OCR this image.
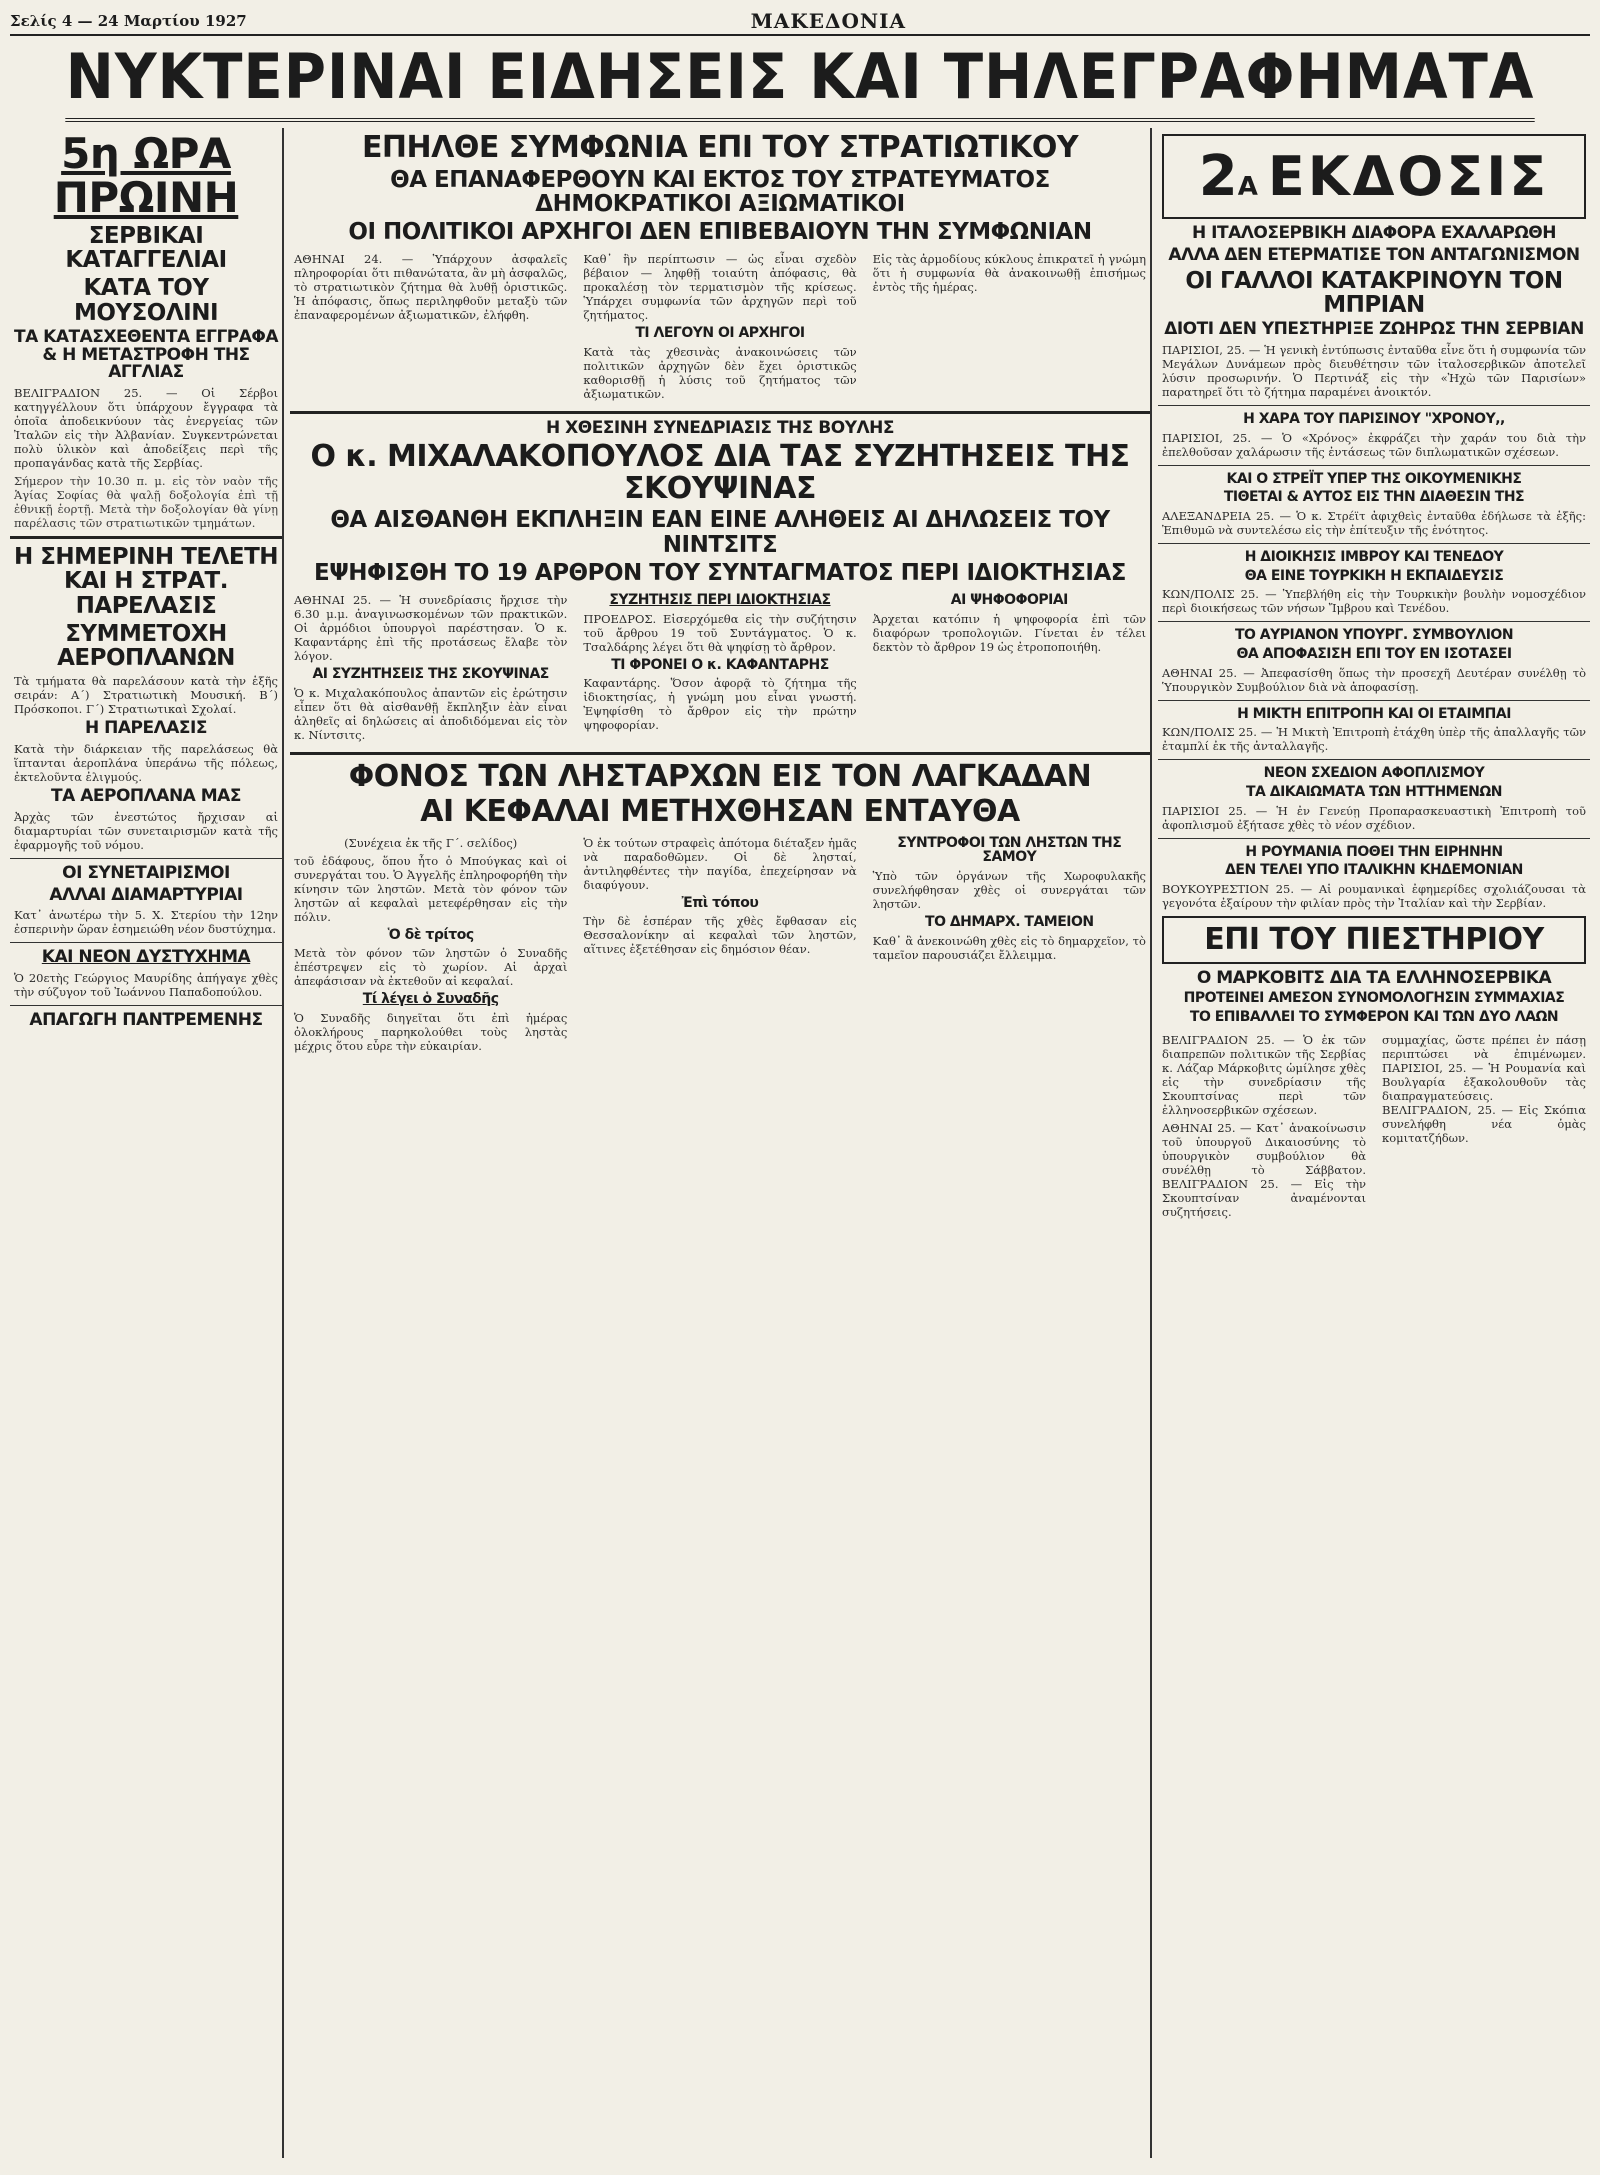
Σελίς 4 — 24 Μαρτίου 1927	ΜΑΚΕΔΟΝΙΑ
ΝΥΚΤΕΡΙΝΑΙ ΕΙΔΗΣΕΙΣ ΚΑΙ ΤΗΛΕΓΡΑΦΗΜΑΤΑ
5η ΩΡΑ ΠΡΩΙΝΗ
ΣΕΡΒΙΚΑΙ ΚΑΤΑΓΓΕΛΙΑΙ
ΚΑΤΑ ΤΟΥ ΜΟΥΣΟΛΙΝΙ
ΤΑ ΚΑΤΑΣΧΕΘΕΝΤΑ ΕΓΓΡΑΦΑ & Η ΜΕΤΑΣΤΡΟΦΗ ΤΗΣ ΑΓΓΛΙΑΣ
ΒΕΛΙΓΡΑΔΙΟΝ 25. — Οἱ Σέρβοι κατηγγέλλουν ὅτι ὑπάρχουν ἔγγραφα τὰ ὁποῖα ἀποδεικνύουν τὰς ἐνεργείας τῶν Ἰταλῶν εἰς τὴν Ἀλβανίαν. Συγκεντρώνεται πολὺ ὑλικὸν καὶ ἀποδείξεις περὶ τῆς προπαγάνδας κατὰ τῆς Σερβίας.
Σήμερον τὴν 10.30 π. μ. εἰς τὸν ναὸν τῆς Ἁγίας Σοφίας θὰ ψαλῇ δοξολογία ἐπὶ τῇ ἐθνικῇ ἑορτῇ. Μετὰ τὴν δοξολογίαν θὰ γίνῃ παρέλασις τῶν στρατιωτικῶν τμημάτων.
Η ΣΗΜΕΡΙΝΗ ΤΕΛΕΤΗ ΚΑΙ Η ΣΤΡΑΤ. ΠΑΡΕΛΑΣΙΣ
ΣΥΜΜΕΤΟΧΗ ΑΕΡΟΠΛΑΝΩΝ
Τὰ τμήματα θὰ παρελάσουν κατὰ τὴν ἑξῆς σειράν: Α΄) Στρατιωτικὴ Μουσική. Β΄) Πρόσκοποι. Γ΄) Στρατιωτικαὶ Σχολαί.
Η ΠΑΡΕΛΑΣΙΣ
Κατὰ τὴν διάρκειαν τῆς παρελάσεως θὰ ἵπτανται ἀεροπλάνα ὑπεράνω τῆς πόλεως, ἐκτελοῦντα ἐλιγμούς.
ΤΑ ΑΕΡΟΠΛΑΝΑ ΜΑΣ
Ἀρχὰς τῶν ἐνεστώτος ἤρχισαν αἱ διαμαρτυρίαι τῶν συνεταιρισμῶν κατὰ τῆς ἐφαρμογῆς τοῦ νόμου.
ΟΙ ΣΥΝΕΤΑΙΡΙΣΜΟΙ
ΑΛΛΑΙ ΔΙΑΜΑΡΤΥΡΙΑΙ
Κατ᾽ ἀνωτέρω τὴν 5. Χ. Στερίου τὴν 12ην ἐσπερινὴν ὥραν ἐσημειώθη νέον δυστύχημα.
ΚΑΙ ΝΕΟΝ ΔΥΣΤΥΧΗΜΑ
Ὁ 20ετὴς Γεώργιος Μαυρίδης ἀπήγαγε χθὲς τὴν σύζυγον τοῦ Ἰωάννου Παπαδοπούλου.
ΑΠΑΓΩΓΗ ΠΑΝΤΡΕΜΕΝΗΣ
ΕΠΗΛΘΕ ΣΥΜΦΩΝΙΑ ΕΠΙ ΤΟΥ ΣΤΡΑΤΙΩΤΙΚΟΥ
ΘΑ ΕΠΑΝΑΦΕΡΘΟΥΝ ΚΑΙ ΕΚΤΟΣ ΤΟΥ ΣΤΡΑΤΕΥΜΑΤΟΣ ΔΗΜΟΚΡΑΤΙΚΟΙ ΑΞΙΩΜΑΤΙΚΟΙ
ΟΙ ΠΟΛΙΤΙΚΟΙ ΑΡΧΗΓΟΙ ΔΕΝ ΕΠΙΒΕΒΑΙΟΥΝ ΤΗΝ ΣΥΜΦΩΝΙΑΝ
ΑΘΗΝΑΙ 24. — Ὑπάρχουν ἀσφαλεῖς πληροφορίαι ὅτι πιθανώτατα, ἂν μὴ ἀσφαλῶς, τὸ στρατιωτικὸν ζήτημα θὰ λυθῇ ὁριστικῶς. Ἡ ἀπόφασις, ὅπως περιληφθοῦν μεταξὺ τῶν ἐπαναφερομένων ἀξιωματικῶν, ἐλήφθη.
Καθ᾽ ἣν περίπτωσιν — ὡς εἶναι σχεδὸν βέβαιον — ληφθῇ τοιαύτη ἀπόφασις, θὰ προκαλέσῃ τὸν τερματισμὸν τῆς κρίσεως. Ὑπάρχει συμφωνία τῶν ἀρχηγῶν περὶ τοῦ ζητήματος.
ΤΙ ΛΕΓΟΥΝ ΟΙ ΑΡΧΗΓΟΙ
Κατὰ τὰς χθεσινὰς ἀνακοινώσεις τῶν πολιτικῶν ἀρχηγῶν δὲν ἔχει ὁριστικῶς καθορισθῇ ἡ λύσις τοῦ ζητήματος τῶν ἀξιωματικῶν.
Εἰς τὰς ἀρμοδίους κύκλους ἐπικρατεῖ ἡ γνώμη ὅτι ἡ συμφωνία θὰ ἀνακοινωθῇ ἐπισήμως ἐντὸς τῆς ἡμέρας.
Η ΧΘΕΣΙΝΗ ΣΥΝΕΔΡΙΑΣΙΣ ΤΗΣ ΒΟΥΛΗΣ
Ο κ. ΜΙΧΑΛΑΚΟΠΟΥΛΟΣ ΔΙΑ ΤΑΣ ΣΥΖΗΤΗΣΕΙΣ ΤΗΣ ΣΚΟΥΨΙΝΑΣ
ΘΑ ΑΙΣΘΑΝΘΗ ΕΚΠΛΗΞΙΝ ΕΑΝ ΕΙΝΕ ΑΛΗΘΕΙΣ ΑΙ ΔΗΛΩΣΕΙΣ ΤΟΥ ΝΙΝΤΣΙΤΣ
ΕΨΗΦΙΣΘΗ ΤΟ 19 ΑΡΘΡΟΝ ΤΟΥ ΣΥΝΤΑΓΜΑΤΟΣ ΠΕΡΙ ΙΔΙΟΚΤΗΣΙΑΣ
ΑΘΗΝΑΙ 25. — Ἡ συνεδρίασις ἤρχισε τὴν 6.30 μ.μ. ἀναγινωσκομένων τῶν πρακτικῶν. Οἱ ἀρμόδιοι ὑπουργοὶ παρέστησαν. Ὁ κ. Καφαντάρης ἐπὶ τῆς προτάσεως ἔλαβε τὸν λόγον.
ΑΙ ΣΥΖΗΤΗΣΕΙΣ ΤΗΣ ΣΚΟΥΨΙΝΑΣ
Ὁ κ. Μιχαλακόπουλος ἀπαντῶν εἰς ἐρώτησιν εἶπεν ὅτι θὰ αἰσθανθῇ ἔκπληξιν ἐὰν εἶναι ἀληθεῖς αἱ δηλώσεις αἱ ἀποδιδόμεναι εἰς τὸν κ. Νίντσιτς.
ΣΥΖΗΤΗΣΙΣ ΠΕΡΙ ΙΔΙΟΚΤΗΣΙΑΣ
ΠΡΟΕΔΡΟΣ. Εἰσερχόμεθα εἰς τὴν συζήτησιν τοῦ ἄρθρου 19 τοῦ Συντάγματος. Ὁ κ. Τσαλδάρης λέγει ὅτι θὰ ψηφίσῃ τὸ ἄρθρον.
ΤΙ ΦΡΟΝΕΙ Ο κ. ΚΑΦΑΝΤΑΡΗΣ
Καφαντάρης. Ὅσον ἀφορᾷ τὸ ζήτημα τῆς ἰδιοκτησίας, ἡ γνώμη μου εἶναι γνωστή. Ἐψηφίσθη τὸ ἄρθρον εἰς τὴν πρώτην ψηφοφορίαν.
ΑΙ ΨΗΦΟΦΟΡΙΑΙ
Ἀρχεται κατόπιν ἡ ψηφοφορία ἐπὶ τῶν διαφόρων τροπολογιῶν. Γίνεται ἐν τέλει δεκτὸν τὸ ἄρθρον 19 ὡς ἐτροποποιήθη.
ΦΟΝΟΣ ΤΩΝ ΛΗΣΤΑΡΧΩΝ ΕΙΣ ΤΟΝ ΛΑΓΚΑΔΑΝ
ΑΙ ΚΕΦΑΛΑΙ ΜΕΤΗΧΘΗΣΑΝ ΕΝΤΑΥΘΑ
(Συνέχεια ἐκ τῆς Γ΄. σελίδος)
τοῦ ἐδάφους, ὅπου ἦτο ὁ Μπούγκας καὶ οἱ συνεργάται του. Ὁ Ἀγγελῆς ἐπληροφορήθη τὴν κίνησιν τῶν ληστῶν. Μετὰ τὸν φόνον τῶν ληστῶν αἱ κεφαλαὶ μετεφέρθησαν εἰς τὴν πόλιν.
Ὁ δὲ τρίτος
Μετὰ τὸν φόνον τῶν ληστῶν ὁ Συναδῆς ἐπέστρεψεν εἰς τὸ χωρίον. Αἱ ἀρχαὶ ἀπεφάσισαν νὰ ἐκτεθοῦν αἱ κεφαλαί.
Τί λέγει ὁ Συναδῆς
Ὁ Συναδῆς διηγεῖται ὅτι ἐπὶ ἡμέρας ὀλοκλήρους παρηκολούθει τοὺς ληστὰς μέχρις ὅτου εὗρε τὴν εὐκαιρίαν.
Ὁ ἐκ τούτων στραφεὶς ἀπότομα διέταξεν ἡμᾶς νὰ παραδοθῶμεν. Οἱ δὲ λησταί, ἀντιληφθέντες τὴν παγίδα, ἐπεχείρησαν νὰ διαφύγουν.
Ἐπὶ τόπου
Τὴν δὲ ἑσπέραν τῆς χθὲς ἔφθασαν εἰς Θεσσαλονίκην αἱ κεφαλαὶ τῶν ληστῶν, αἵτινες ἐξετέθησαν εἰς δημόσιον θέαν.
ΣΥΝΤΡΟΦΟΙ ΤΩΝ ΛΗΣΤΩΝ ΤΗΣ ΣΑΜΟΥ
Ὑπὸ τῶν ὀργάνων τῆς Χωροφυλακῆς συνελήφθησαν χθὲς οἱ συνεργάται τῶν ληστῶν.
ΤΟ ΔΗΜΑΡΧ. ΤΑΜΕΙΟΝ
Καθ᾽ ἃ ἀνεκοινώθη χθὲς εἰς τὸ δημαρχεῖον, τὸ ταμεῖον παρουσιάζει ἔλλειμμα.
2 Α ΕΚΔΟΣΙΣ
Η ΙΤΑΛΟΣΕΡΒΙΚΗ ΔΙΑΦΟΡΑ ΕΧΑΛΑΡΩΘΗ
ΑΛΛΑ ΔΕΝ ΕΤΕΡΜΑΤΙΣΕ ΤΟΝ ΑΝΤΑΓΩΝΙΣΜΟΝ
ΟΙ ΓΑΛΛΟΙ ΚΑΤΑΚΡΙΝΟΥΝ ΤΟΝ ΜΠΡΙΑΝ
ΔΙΟΤΙ ΔΕΝ ΥΠΕΣΤΗΡΙΞΕ ΖΩΗΡΩΣ ΤΗΝ ΣΕΡΒΙΑΝ
ΠΑΡΙΣΙΟΙ, 25. — Ἡ γενικὴ ἐντύπωσις ἐνταῦθα εἶνε ὅτι ἡ συμφωνία τῶν Μεγάλων Δυνάμεων πρὸς διευθέτησιν τῶν ἰταλοσερβικῶν ἀποτελεῖ λύσιν προσωρινήν. Ὁ Περτινάξ εἰς τὴν «Ἠχὼ τῶν Παρισίων» παρατηρεῖ ὅτι τὸ ζήτημα παραμένει ἀνοικτόν.
Η ΧΑΡΑ ΤΟΥ ΠΑΡΙΣΙΝΟΥ "ΧΡΟΝΟΥ,,
ΠΑΡΙΣΙΟΙ, 25. — Ὁ «Χρόνος» ἐκφράζει τὴν χαράν του διὰ τὴν ἐπελθοῦσαν χαλάρωσιν τῆς ἐντάσεως τῶν διπλωματικῶν σχέσεων.
ΚΑΙ Ο ΣΤΡΕΪΤ ΥΠΕΡ ΤΗΣ ΟΙΚΟΥΜΕΝΙΚΗΣ
ΤΙΘΕΤΑΙ & ΑΥΤΟΣ ΕΙΣ ΤΗΝ ΔΙΑΘΕΣΙΝ ΤΗΣ
ΑΛΕΞΑΝΔΡΕΙΑ 25. — Ὁ κ. Στρέϊτ ἀφιχθεὶς ἐνταῦθα ἐδήλωσε τὰ ἑξῆς: Ἐπιθυμῶ νὰ συντελέσω εἰς τὴν ἐπίτευξιν τῆς ἑνότητος.
Η ΔΙΟΙΚΗΣΙΣ ΙΜΒΡΟΥ ΚΑΙ ΤΕΝΕΔΟΥ
ΘΑ ΕΙΝΕ ΤΟΥΡΚΙΚΗ Η ΕΚΠΑΙΔΕΥΣΙΣ
ΚΩΝ/ΠΟΛΙΣ 25. — Ὑπεβλήθη εἰς τὴν Τουρκικὴν βουλὴν νομοσχέδιον περὶ διοικήσεως τῶν νήσων Ἴμβρου καὶ Τενέδου.
ΤΟ ΑΥΡΙΑΝΟΝ ΥΠΟΥΡΓ. ΣΥΜΒΟΥΛΙΟΝ
ΘΑ ΑΠΟΦΑΣΙΣΗ ΕΠΙ ΤΟΥ ΕΝ ΙΣΟΤΑΣΕΙ
ΑΘΗΝΑΙ 25. — Ἀπεφασίσθη ὅπως τὴν προσεχῆ Δευτέραν συνέλθῃ τὸ Ὑπουργικὸν Συμβούλιον διὰ νὰ ἀποφασίσῃ.
Η ΜΙΚΤΗ ΕΠΙΤΡΟΠΗ ΚΑΙ ΟΙ ΕΤΑΙΜΠΑΙ
ΚΩΝ/ΠΟΛΙΣ 25. — Ἡ Μικτὴ Ἐπιτροπὴ ἐτάχθη ὑπὲρ τῆς ἀπαλλαγῆς τῶν ἐταμπλί ἐκ τῆς ἀνταλλαγῆς.
ΝΕΟΝ ΣΧΕΔΙΟΝ ΑΦΟΠΛΙΣΜΟΥ
ΤΑ ΔΙΚΑΙΩΜΑΤΑ ΤΩΝ ΗΤΤΗΜΕΝΩΝ
ΠΑΡΙΣΙΟΙ 25. — Ἡ ἐν Γενεύῃ Προπαρασκευαστικὴ Ἐπιτροπὴ τοῦ ἀφοπλισμοῦ ἐξήτασε χθὲς τὸ νέον σχέδιον.
Η ΡΟΥΜΑΝΙΑ ΠΟΘΕΙ ΤΗΝ ΕΙΡΗΝΗΝ
ΔΕΝ ΤΕΛΕΙ ΥΠΟ ΙΤΑΛΙΚΗΝ ΚΗΔΕΜΟΝΙΑΝ
ΒΟΥΚΟΥΡΕΣΤΙΟΝ 25. — Αἱ ρουμανικαὶ ἐφημερίδες σχολιάζουσαι τὰ γεγονότα ἐξαίρουν τὴν φιλίαν πρὸς τὴν Ἰταλίαν καὶ τὴν Σερβίαν.
ΕΠΙ ΤΟΥ ΠΙΕΣΤΗΡΙΟΥ
Ο ΜΑΡΚΟΒΙΤΣ ΔΙΑ ΤΑ ΕΛΛΗΝΟΣΕΡΒΙΚΑ
ΠΡΟΤΕΙΝΕΙ ΑΜΕΣΟΝ ΣΥΝΟΜΟΛΟΓΗΣΙΝ ΣΥΜΜΑΧΙΑΣ
ΤΟ ΕΠΙΒΑΛΛΕΙ ΤΟ ΣΥΜΦΕΡΟΝ ΚΑΙ ΤΩΝ ΔΥΟ ΛΑΩΝ
ΒΕΛΙΓΡΑΔΙΟΝ 25. — Ὁ ἐκ τῶν διαπρεπῶν πολιτικῶν τῆς Σερβίας κ. Λάζαρ Μάρκοβιτς ὡμίλησε χθὲς εἰς τὴν συνεδρίασιν τῆς Σκουπτσίνας περὶ τῶν ἑλληνοσερβικῶν σχέσεων.
ΑΘΗΝΑΙ 25. — Κατ᾽ ἀνακοίνωσιν τοῦ ὑπουργοῦ Δικαιοσύνης τὸ ὑπουργικὸν συμβούλιον θὰ συνέλθῃ τὸ Σάββατον. ΒΕΛΙΓΡΑΔΙΟΝ 25. — Εἰς τὴν Σκουπτσίναν ἀναμένονται συζητήσεις.
συμμαχίας, ὥστε πρέπει ἐν πάσῃ περιπτώσει νὰ ἐπιμένωμεν. ΠΑΡΙΣΙΟΙ, 25. — Ἡ Ρουμανία καὶ Βουλγαρία ἐξακολουθοῦν τὰς διαπραγματεύσεις. ΒΕΛΙΓΡΑΔΙΟΝ, 25. — Εἰς Σκόπια συνελήφθη νέα ὁμὰς κομιτατζήδων.
